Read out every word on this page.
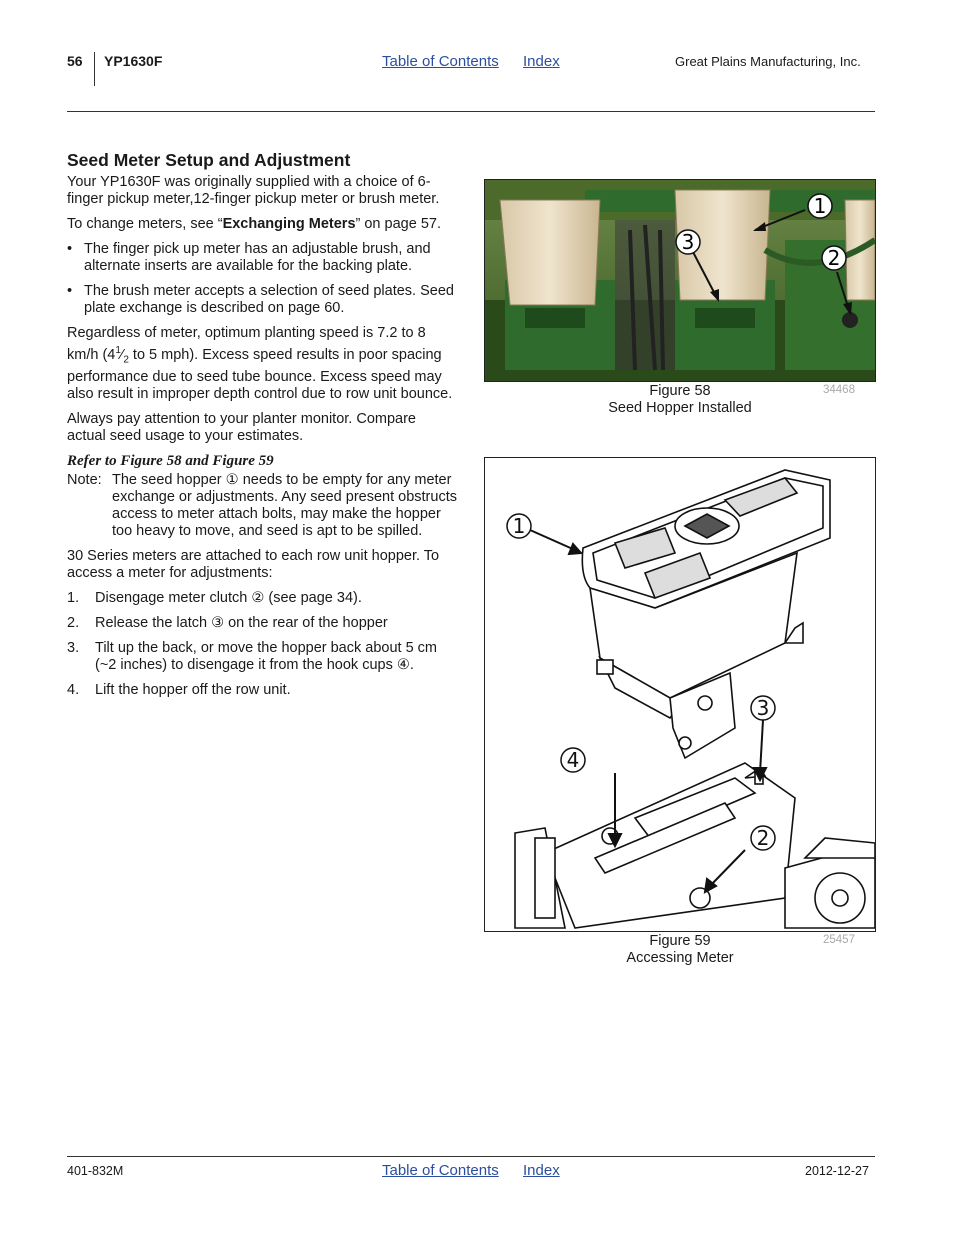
56 YP1630F	Table of Contents Index	Great Plains Manufacturing, Inc.
Seed Meter Setup and Adjustment

Your YP1630F was originally supplied with a choice of 6-finger pickup meter,12-finger pickup meter or brush meter.

To change meters, see “Exchanging Meters” on page 57.

• The finger pick up meter has an adjustable brush, and alternate inserts are available for the backing plate.
• The brush meter accepts a selection of seed plates. Seed plate exchange is described on page 60.

Regardless of meter, optimum planting speed is 7.2 to 8 km/h ($4^1⁄_2$ to 5 mph). Excess speed results in poor spacing performance due to seed tube bounce. Excess speed may also result in improper depth control due to row unit bounce.

Always pay attention to your planter monitor. Compare actual seed usage to your estimates.

Refer to Figure 58 and Figure 59
Note: The seed hopper ① needs to be empty for any meter exchange or adjustments. Any seed present obstructs access to meter attach bolts, may make the hopper too heavy to move, and seed is apt to be spilled.

30 Series meters are attached to each row unit hopper. To access a meter for adjustments:

1.	Disengage meter clutch ② (see page 34).
2.	Release the latch ③ on the rear of the hopper
3.	Tilt up the back, or move the hopper back about 5 cm (~2 inches) to disengage it from the hook cups ④.
4.	Lift the hopper off the row unit.
1
3
2
Figure 58
Seed Hopper Installed
34468
1
3
4
2
Figure 59
Accessing Meter
25457
401-832M	Table of Contents Index	2012-12-27
